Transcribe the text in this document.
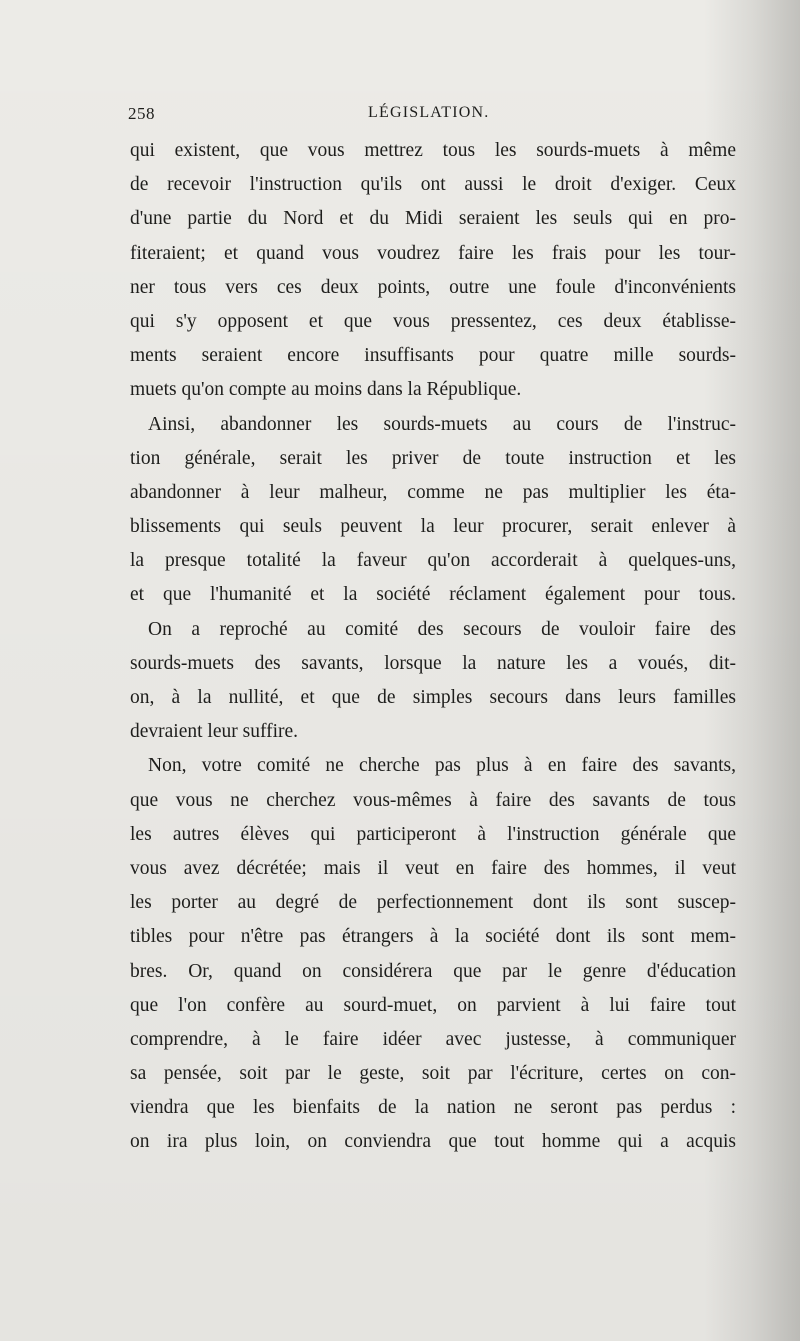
258	LÉGISLATION.
qui existent, que vous mettrez tous les sourds-muets à même
de recevoir l'instruction qu'ils ont aussi le droit d'exiger. Ceux
d'une partie du Nord et du Midi seraient les seuls qui en pro-
fiteraient; et quand vous voudrez faire les frais pour les tour-
ner tous vers ces deux points, outre une foule d'inconvénients
qui s'y opposent et que vous pressentez, ces deux établisse-
ments seraient encore insuffisants pour quatre mille sourds-
muets qu'on compte au moins dans la République.
Ainsi, abandonner les sourds-muets au cours de l'instruc-
tion générale, serait les priver de toute instruction et les
abandonner à leur malheur, comme ne pas multiplier les éta-
blissements qui seuls peuvent la leur procurer, serait enlever à
la presque totalité la faveur qu'on accorderait à quelques-uns,
et que l'humanité et la société réclament également pour tous.
On a reproché au comité des secours de vouloir faire des
sourds-muets des savants, lorsque la nature les a voués, dit-
on, à la nullité, et que de simples secours dans leurs familles
devraient leur suffire.
Non, votre comité ne cherche pas plus à en faire des savants,
que vous ne cherchez vous-mêmes à faire des savants de tous
les autres élèves qui participeront à l'instruction générale que
vous avez décrétée; mais il veut en faire des hommes, il veut
les porter au degré de perfectionnement dont ils sont suscep-
tibles pour n'être pas étrangers à la société dont ils sont mem-
bres. Or, quand on considérera que par le genre d'éducation
que l'on confère au sourd-muet, on parvient à lui faire tout
comprendre, à le faire idéer avec justesse, à communiquer
sa pensée, soit par le geste, soit par l'écriture, certes on con-
viendra que les bienfaits de la nation ne seront pas perdus :
on ira plus loin, on conviendra que tout homme qui a acquis
